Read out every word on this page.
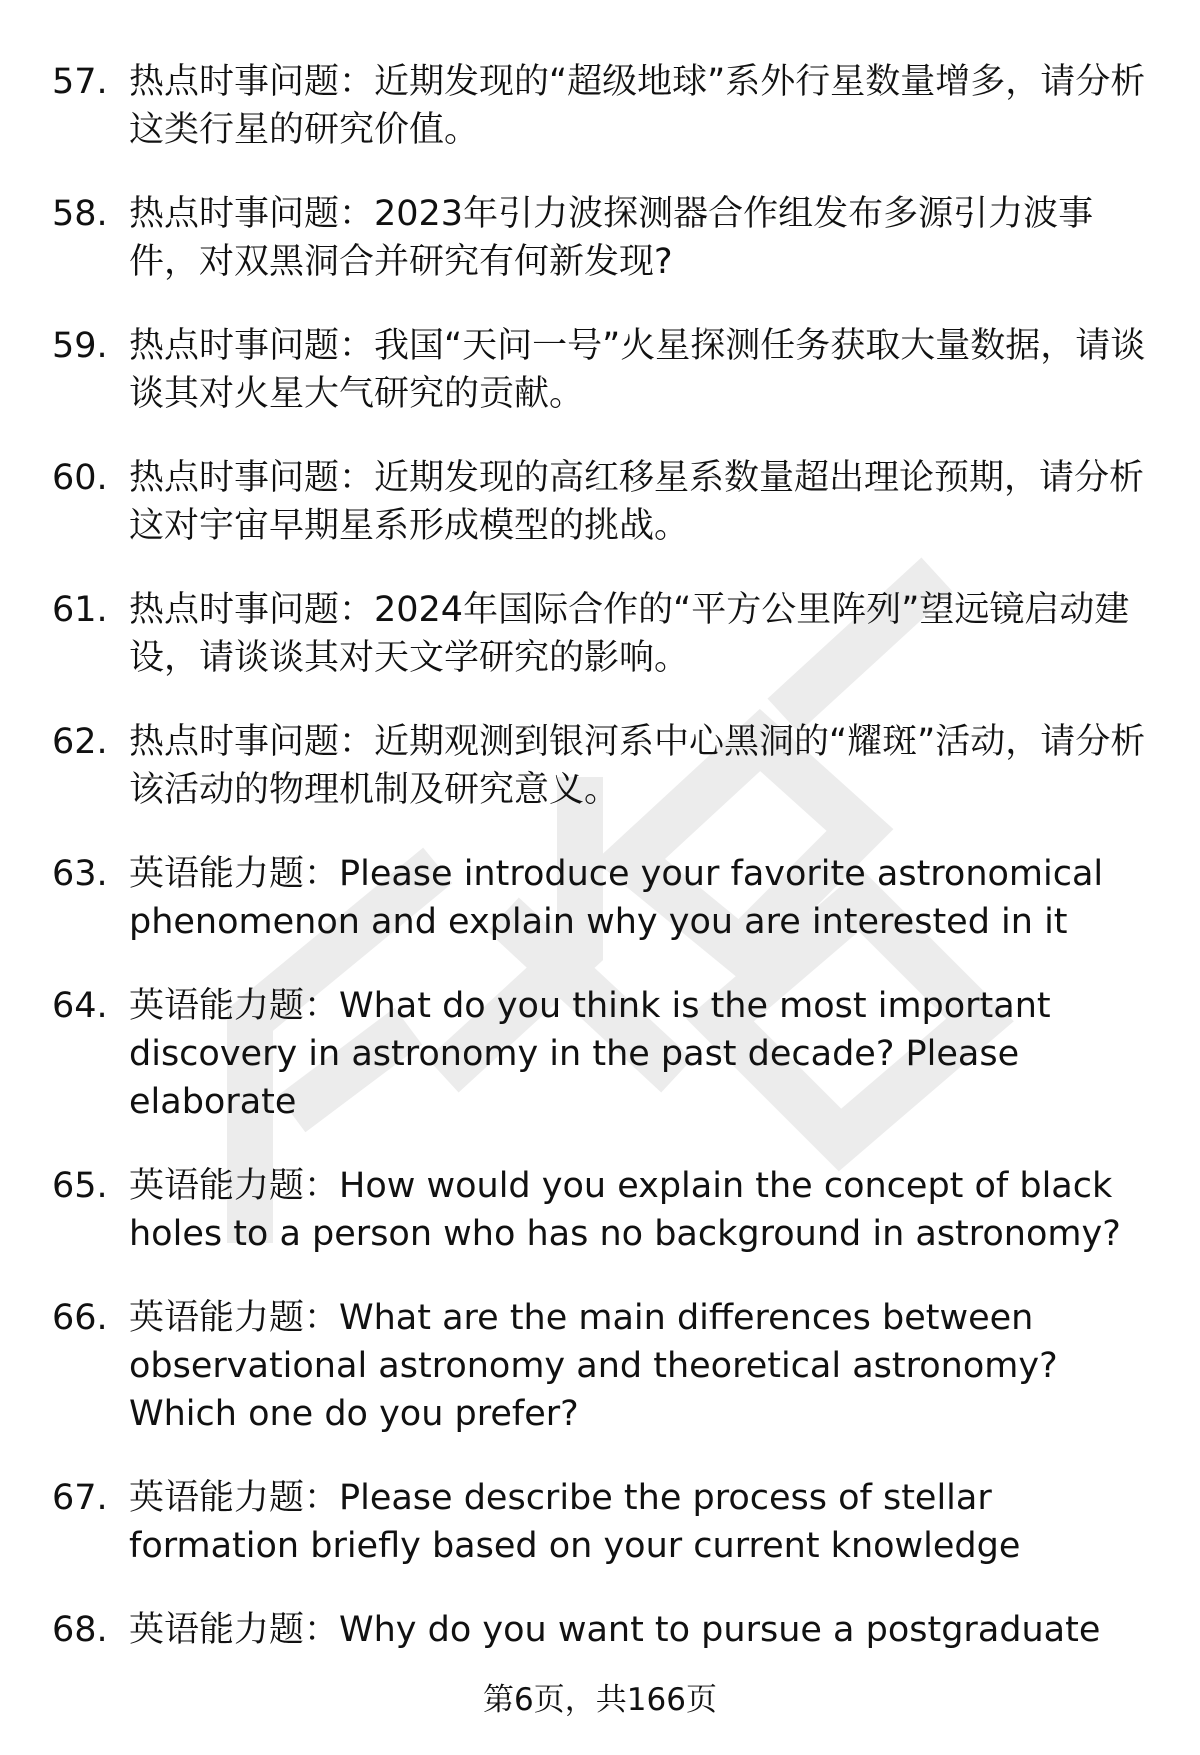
57. 热点时事问题：近期发现的“超级地球”系外行星数量增多，请分析这类行星的研究价值。
58. 热点时事问题：2023年引力波探测器合作组发布多源引力波事件，对双黑洞合并研究有何新发现?
59. 热点时事问题：我国“天问一号”火星探测任务获取大量数据，请谈谈其对火星大气研究的贡献。
60. 热点时事问题：近期发现的高红移星系数量超出理论预期，请分析这对宇宙早期星系形成模型的挑战。
61. 热点时事问题：2024年国际合作的“平方公里阵列”望远镜启动建设，请谈谈其对天文学研究的影响。
62. 热点时事问题：近期观测到银河系中心黑洞的“耀斑”活动，请分析该活动的物理机制及研究意义。
63. 英语能力题：Please introduce your favorite astronomical phenomenon and explain why you are interested in it
64. 英语能力题：What do you think is the most important discovery in astronomy in the past decade? Please elaborate
65. 英语能力题：How would you explain the concept of black holes to a person who has no background in astronomy?
66. 英语能力题：What are the main differences between observational astronomy and theoretical astronomy? Which one do you prefer?
67. 英语能力题：Please describe the process of stellar formation briefly based on your current knowledge
68. 英语能力题：Why do you want to pursue a postgraduate
第6页，共166页
